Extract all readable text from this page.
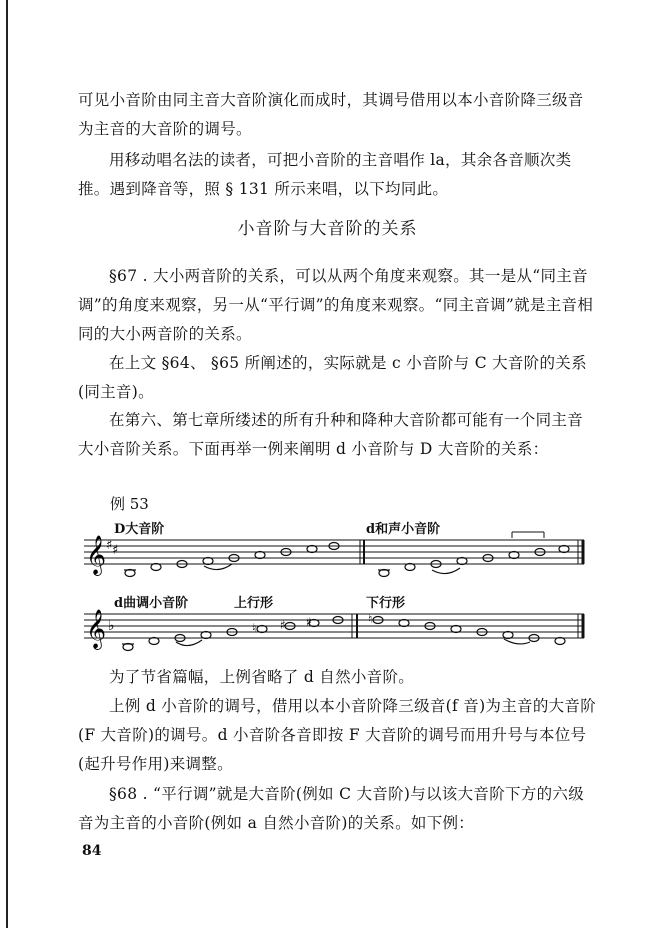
可见小音阶由同主音大音阶演化而成时，其调号借用以本小音阶降三级音为主音的大音阶的调号。

用移动唱名法的读者，可把小音阶的主音唱作 la，其余各音顺次类推。遇到降音等，照 § 131 所示来唱，以下均同此。

小音阶与大音阶的关系

§67 . 大小两音阶的关系，可以从两个角度来观察。其一是从“同主音调”的角度来观察，另一从“平行调”的角度来观察。“同主音调”就是主音相同的大小两音阶的关系。

在上文 §64、 §65 所阐述的，实际就是 c 小音阶与 C 大音阶的关系(同主音)。

在第六、第七章所缕述的所有升种和降种大音阶都可能有一个同主音大小音阶关系。下面再举一例来阐明 d 小音阶与 D 大音阶的关系：

例 53
D大音阶	d和声小音阶
𝄞 ♯ ♯
d曲调小音阶	上行形	下行形
𝄞 ♭	♮ ♯ ♯	♮

为了节省篇幅，上例省略了 d 自然小音阶。

上例 d 小音阶的调号，借用以本小音阶降三级音(f 音)为主音的大音阶(F 大音阶)的调号。d 小音阶各音即按 F 大音阶的调号而用升号与本位号(起升号作用)来调整。

§68 . “平行调”就是大音阶(例如 C 大音阶)与以该大音阶下方的六级音为主音的小音阶(例如 a 自然小音阶)的关系。如下例：

84
